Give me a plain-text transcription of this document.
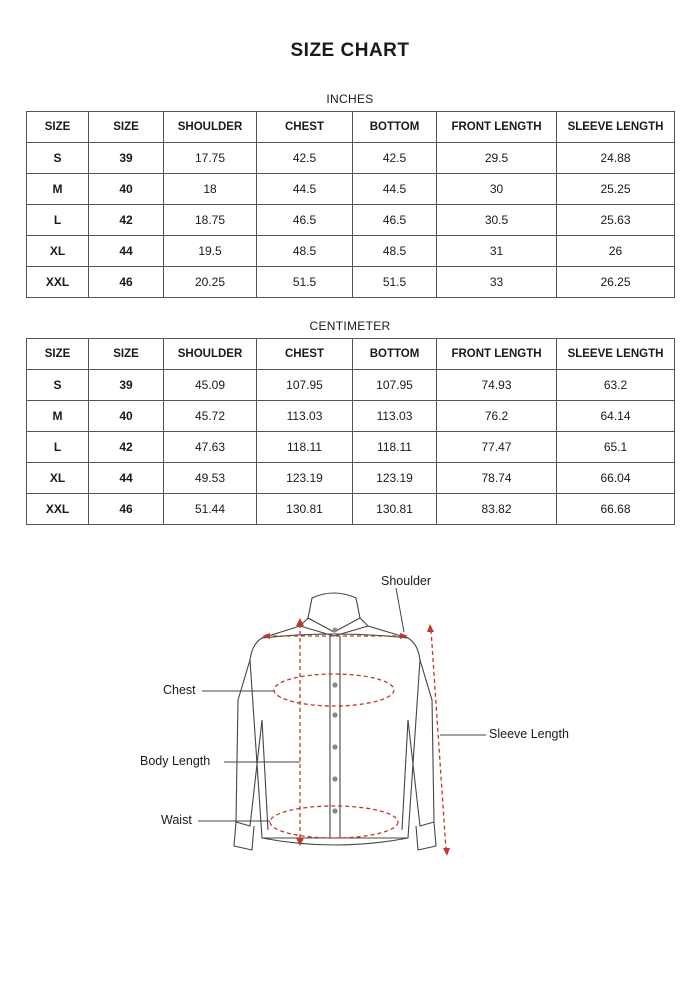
SIZE CHART
INCHES
SIZE	SIZE	SHOULDER	CHEST	BOTTOM	FRONT LENGTH	SLEEVE LENGTH
S	39	17.75	42.5	42.5	29.5	24.88
M	40	18	44.5	44.5	30	25.25
L	42	18.75	46.5	46.5	30.5	25.63
XL	44	19.5	48.5	48.5	31	26
XXL	46	20.25	51.5	51.5	33	26.25
CENTIMETER
SIZE	SIZE	SHOULDER	CHEST	BOTTOM	FRONT LENGTH	SLEEVE LENGTH
S	39	45.09	107.95	107.95	74.93	63.2
M	40	45.72	113.03	113.03	76.2	64.14
L	42	47.63	118.11	118.11	77.47	65.1
XL	44	49.53	123.19	123.19	78.74	66.04
XXL	46	51.44	130.81	130.81	83.82	66.68
Shoulder
Chest
Body Length
Waist
Sleeve Length
